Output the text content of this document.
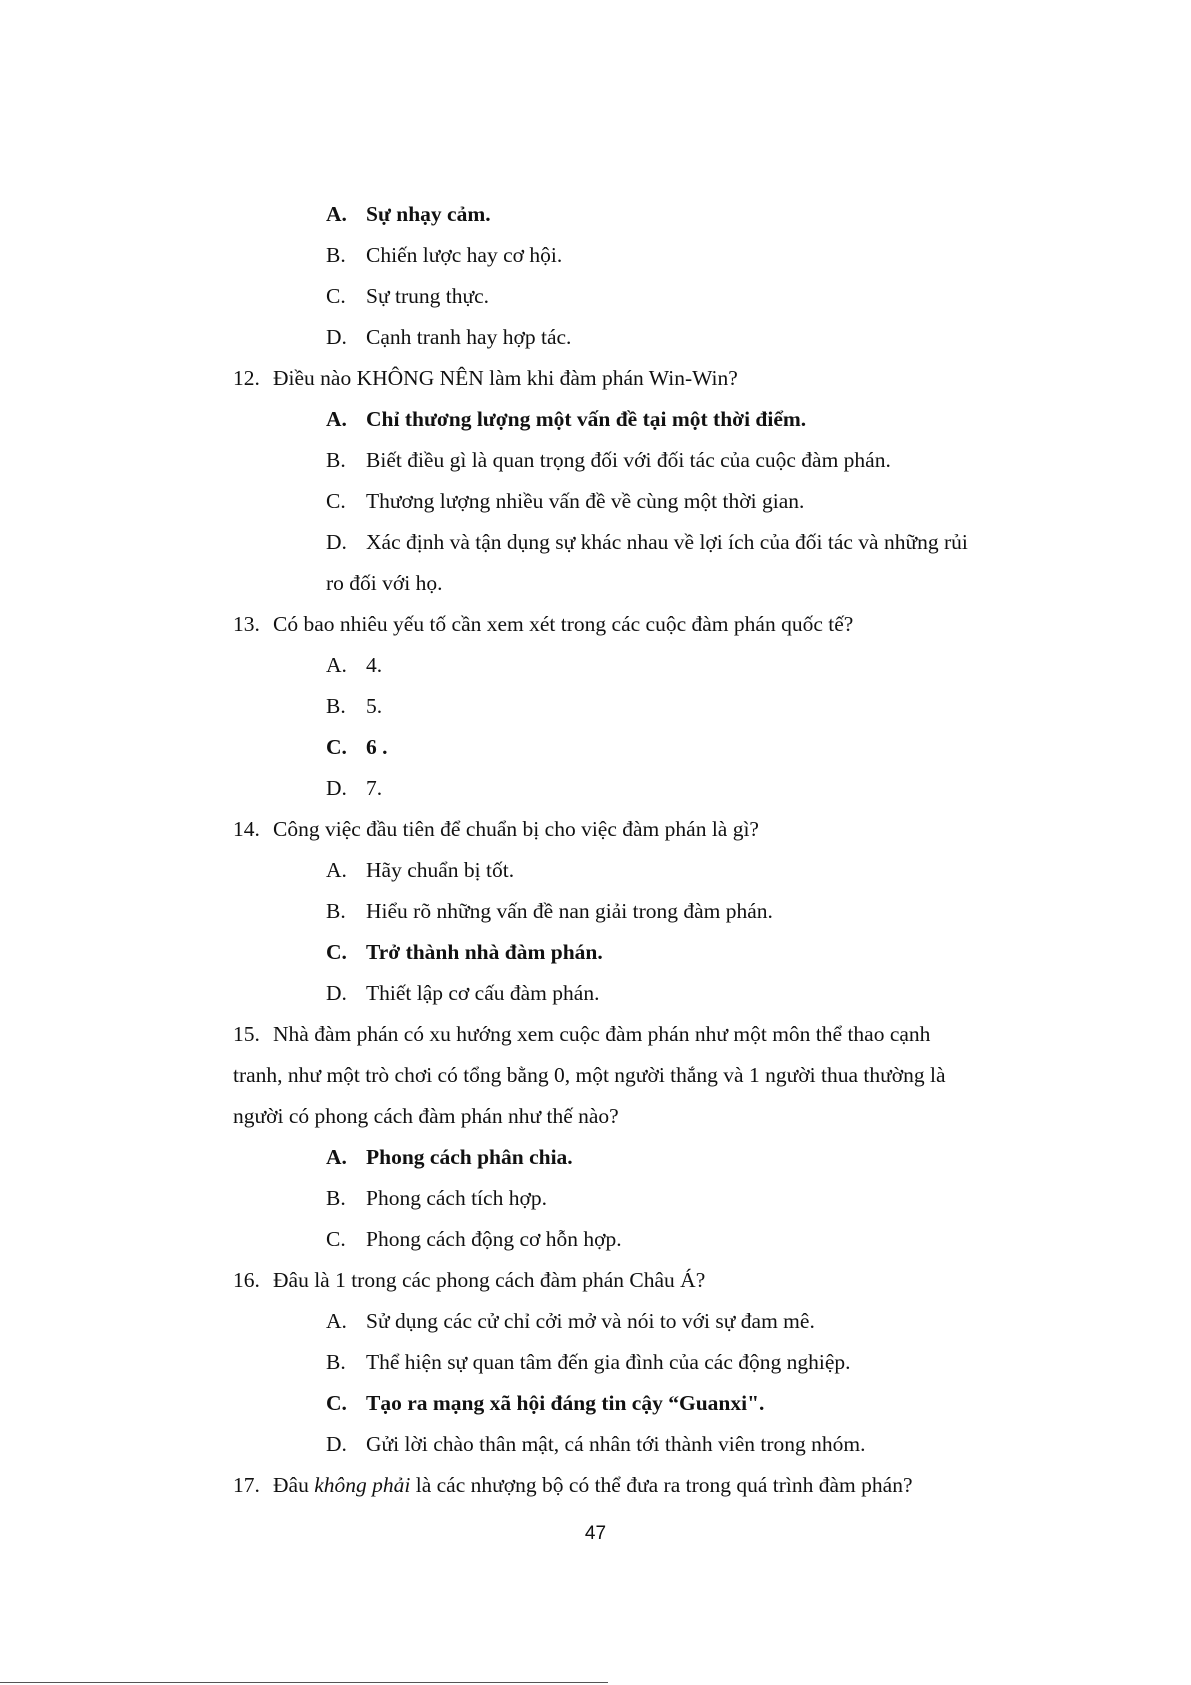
A. Sự nhạy cảm.
B. Chiến lược hay cơ hội.
C. Sự trung thực.
D. Cạnh tranh hay hợp tác.
12. Điều nào KHÔNG NÊN làm khi đàm phán Win-Win?
A. Chỉ thương lượng một vấn đề tại một thời điểm.
B. Biết điều gì là quan trọng đối với đối tác của cuộc đàm phán.
C. Thương lượng nhiều vấn đề về cùng một thời gian.
D. Xác định và tận dụng sự khác nhau về lợi ích của đối tác và những rủi
ro đối với họ.
13. Có bao nhiêu yếu tố cần xem xét trong các cuộc đàm phán quốc tế?
A. 4.
B. 5.
C. 6 .
D. 7.
14. Công việc đầu tiên để chuẩn bị cho việc đàm phán là gì?
A. Hãy chuẩn bị tốt.
B. Hiểu rõ những vấn đề nan giải trong đàm phán.
C. Trở thành nhà đàm phán.
D. Thiết lập cơ cấu đàm phán.
15. Nhà đàm phán có xu hướng xem cuộc đàm phán như một môn thể thao cạnh
tranh, như một trò chơi có tổng bằng 0, một người thắng và 1 người thua thường là
người có phong cách đàm phán như thế nào?
A. Phong cách phân chia.
B. Phong cách tích hợp.
C. Phong cách động cơ hỗn hợp.
16. Đâu là 1 trong các phong cách đàm phán Châu Á?
A. Sử dụng các cử chỉ cởi mở và nói to với sự đam mê.
B. Thể hiện sự quan tâm đến gia đình của các động nghiệp.
C. Tạo ra mạng xã hội đáng tin cậy “Guanxi".
D. Gửi lời chào thân mật, cá nhân tới thành viên trong nhóm.
17. Đâu không phải là các nhượng bộ có thể đưa ra trong quá trình đàm phán?
47
